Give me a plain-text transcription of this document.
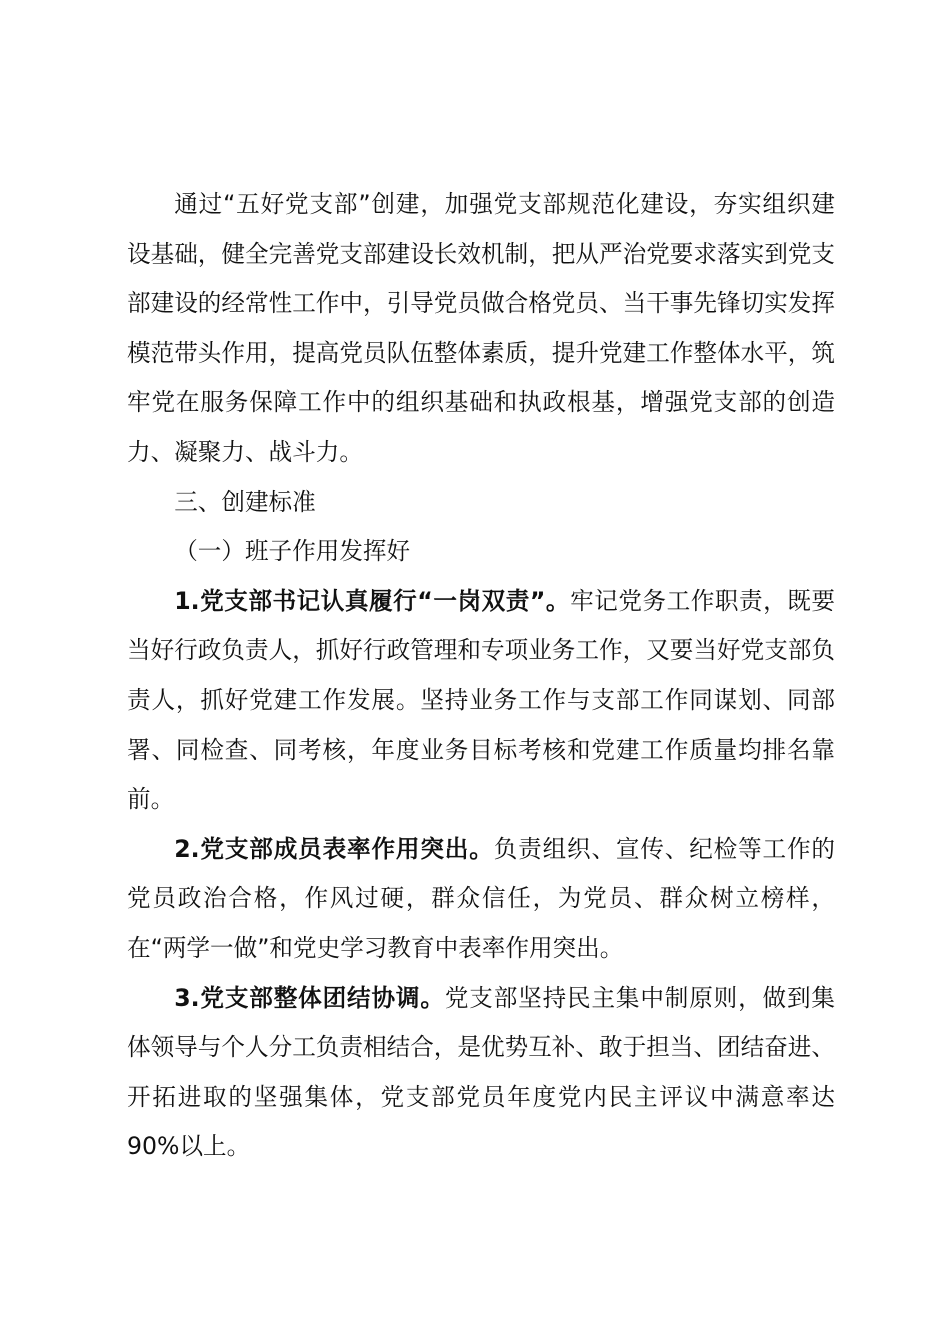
通过“五好党支部”创建，加强党支部规范化建设，夯实组织建设基础，健全完善党支部建设长效机制，把从严治党要求落实到党支部建设的经常性工作中，引导党员做合格党员、当干事先锋切实发挥模范带头作用，提高党员队伍整体素质，提升党建工作整体水平，筑牢党在服务保障工作中的组织基础和执政根基，增强党支部的创造力、凝聚力、战斗力。

三、创建标准

（一）班子作用发挥好

1.党支部书记认真履行“一岗双责”。牢记党务工作职责，既要当好行政负责人，抓好行政管理和专项业务工作，又要当好党支部负责人，抓好党建工作发展。坚持业务工作与支部工作同谋划、同部署、同检查、同考核，年度业务目标考核和党建工作质量均排名靠前。

2.党支部成员表率作用突出。负责组织、宣传、纪检等工作的党员政治合格，作风过硬，群众信任，为党员、群众树立榜样，在“两学一做”和党史学习教育中表率作用突出。

3.党支部整体团结协调。党支部坚持民主集中制原则，做到集体领导与个人分工负责相结合，是优势互补、敢于担当、团结奋进、开拓进取的坚强集体，党支部党员年度党内民主评议中满意率达 90%以上。
